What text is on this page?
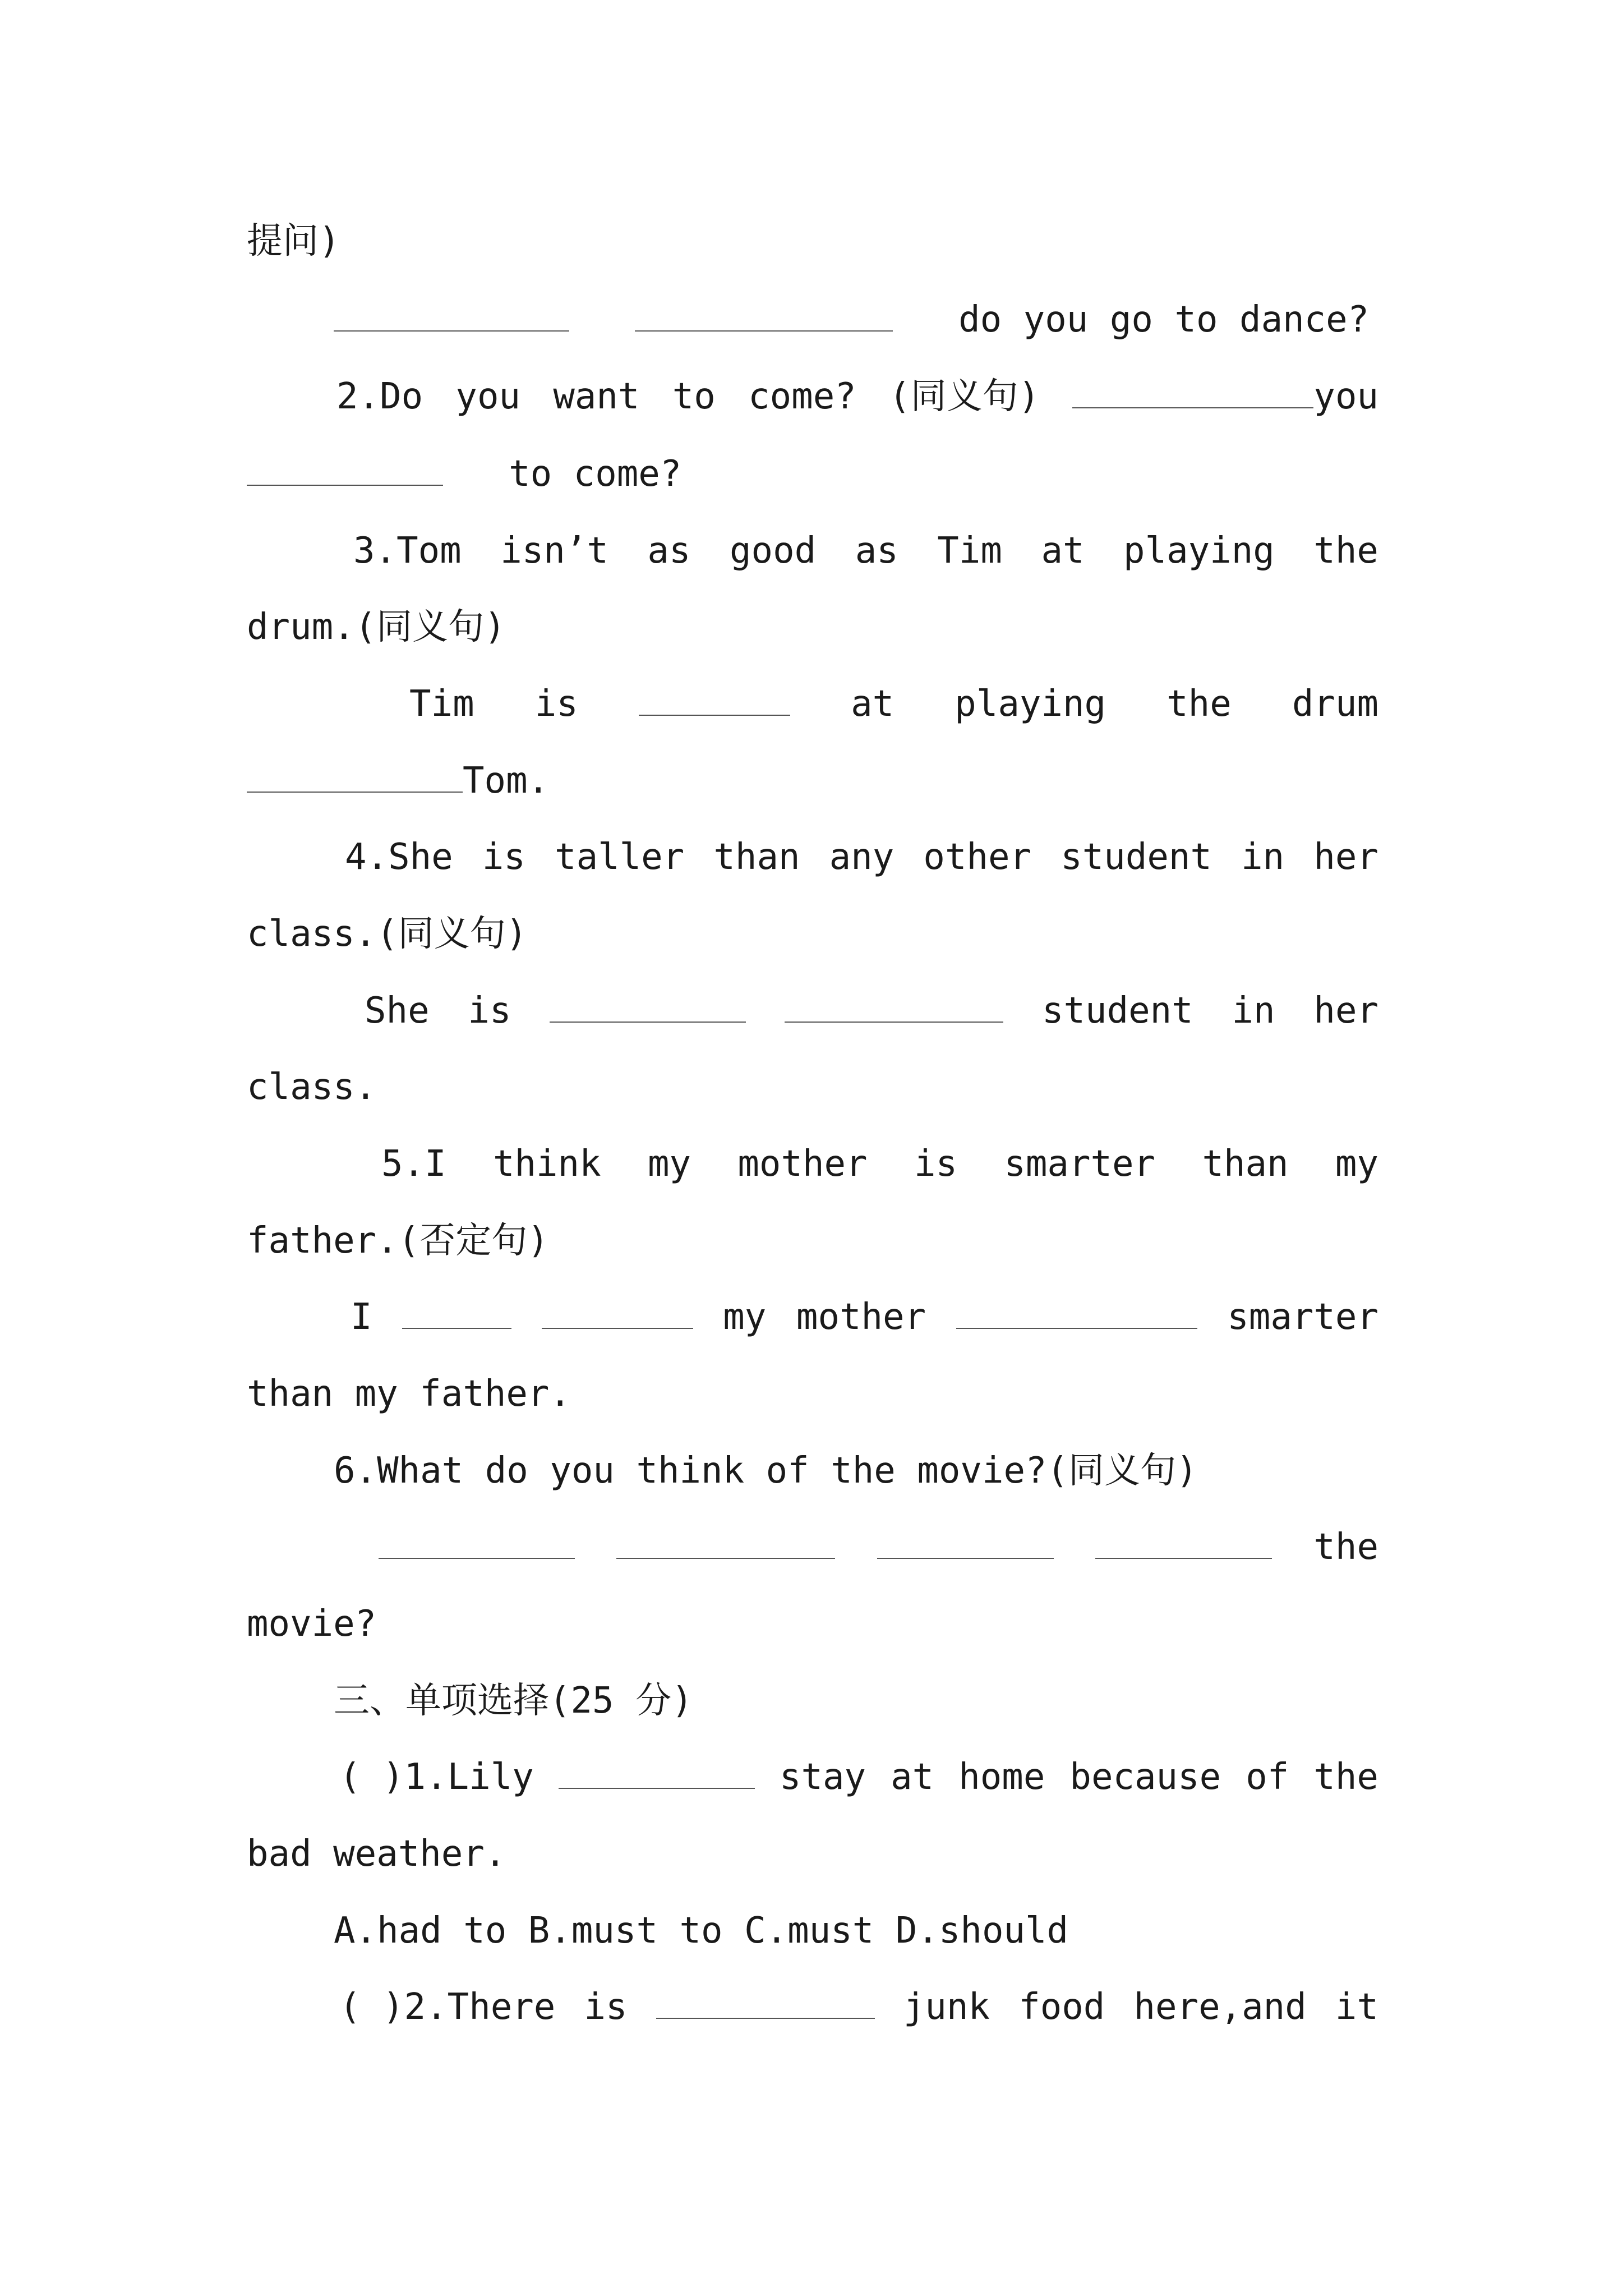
提问)
do you go to dance?
2.Do you want to come? (同义句)	you
to come?
3.Tom isn’t as good as Tim at playing the
drum.(同义句)
Tim is	at playing the drum
Tom.
4.She is taller than any other student in her
class.(同义句)
She is	student in her
class.
5.I think my mother is smarter than my
father.(否定句)
I	my mother	smarter
than my father.
6.What do you think of the movie?(同义句)
the
movie?
三、单项选择(25 分)
( )1.Lily	stay at home because of the
bad weather.
A.had to B.must to C.must D.should
( )2.There is	junk food here,and it
